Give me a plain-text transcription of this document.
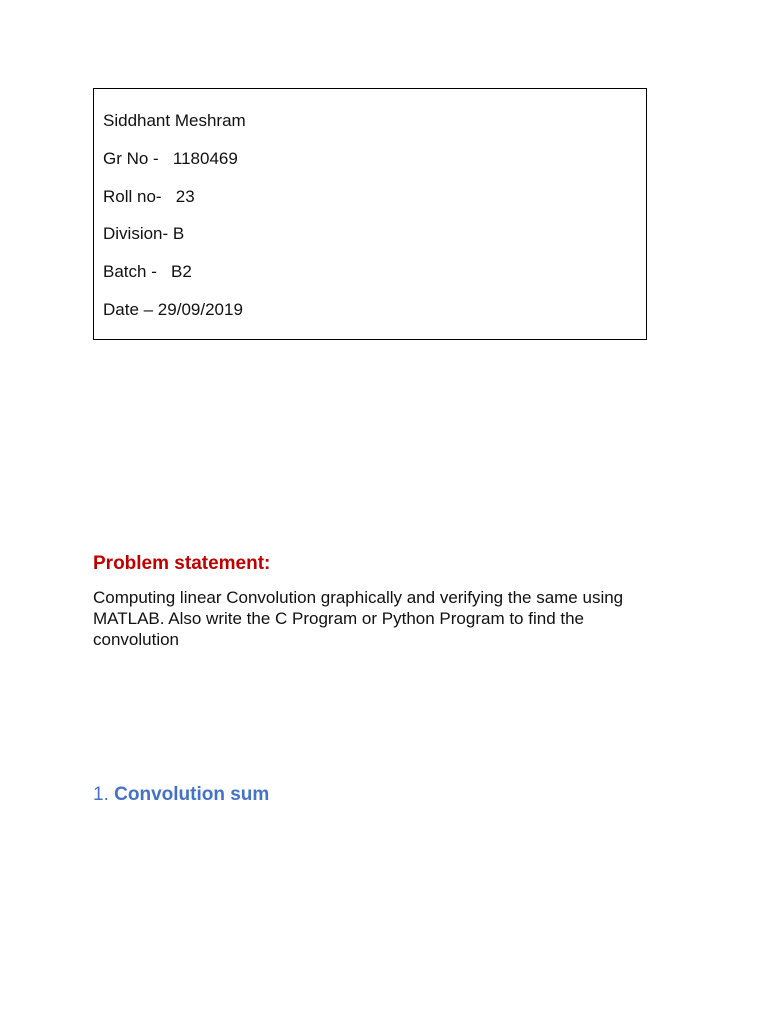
Siddhant Meshram
Gr No -   1180469
Roll no-   23
Division- B
Batch -   B2
Date – 29/09/2019
Problem statement:
Computing linear Convolution graphically and verifying the same using MATLAB. Also write the C Program or Python Program to find the convolution
1. Convolution sum
